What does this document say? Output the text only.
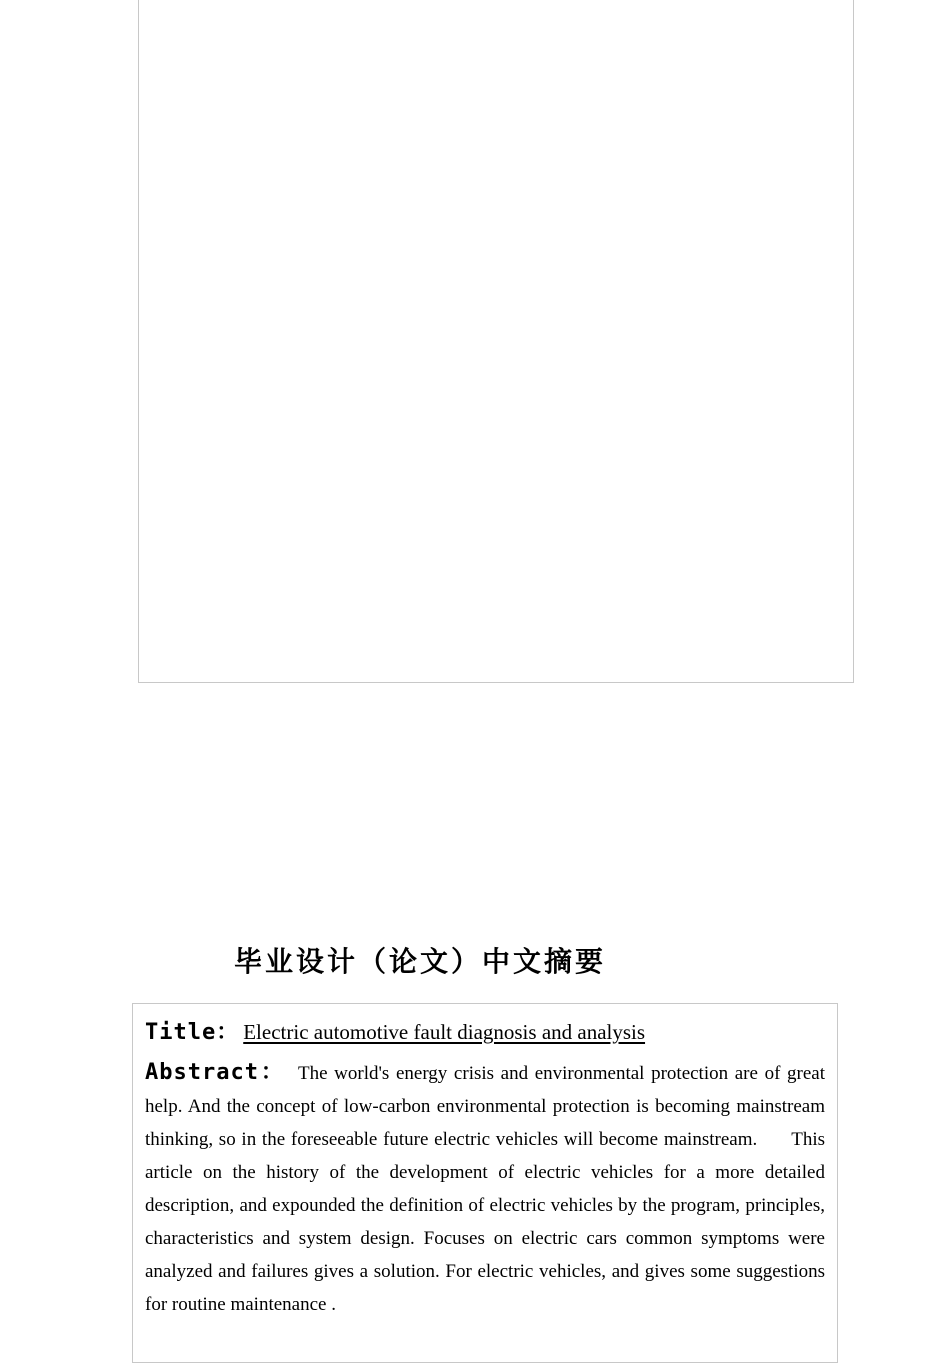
毕业设计（论文）中文摘要
Title： Electric automotive fault diagnosis and analysis

Abstract： The world's energy crisis and environmental protection are of great help. And the concept of low-carbon environmental protection is becoming mainstream thinking, so in the foreseeable future electric vehicles will become mainstream.      This article on the history of the development of electric vehicles for a more detailed description, and expounded the definition of electric vehicles by the program, principles, characteristics and system design. Focuses on electric cars common symptoms were analyzed and failures gives a solution. For electric vehicles, and gives some suggestions for routine maintenance .
